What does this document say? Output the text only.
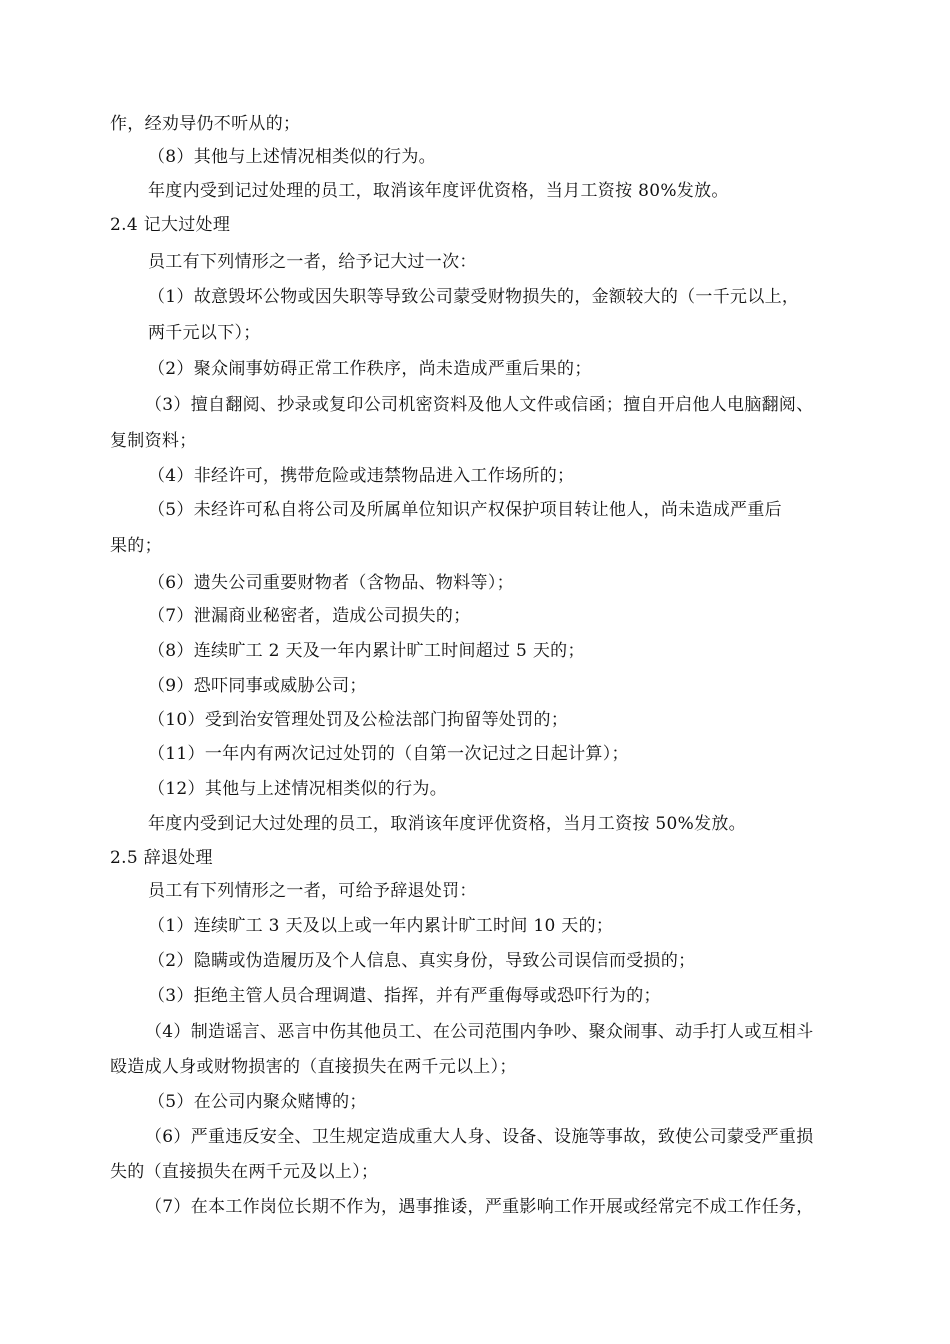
作，经劝导仍不听从的；
（8）其他与上述情况相类似的行为。
年度内受到记过处理的员工，取消该年度评优资格，当月工资按 80%发放。
2.4 记大过处理
员工有下列情形之一者，给予记大过一次：
（1）故意毁坏公物或因失职等导致公司蒙受财物损失的，金额较大的（一千元以上，
两千元以下）；
（2）聚众闹事妨碍正常工作秩序，尚未造成严重后果的；
（3）擅自翻阅、抄录或复印公司机密资料及他人文件或信函；擅自开启他人电脑翻阅、
复制资料；
（4）非经许可，携带危险或违禁物品进入工作场所的；
（5）未经许可私自将公司及所属单位知识产权保护项目转让他人，尚未造成严重后
果的；
（6）遗失公司重要财物者（含物品、物料等）；
（7）泄漏商业秘密者，造成公司损失的；
（8）连续旷工 2 天及一年内累计旷工时间超过 5 天的；
（9）恐吓同事或威胁公司；
（10）受到治安管理处罚及公检法部门拘留等处罚的；
（11）一年内有两次记过处罚的（自第一次记过之日起计算）；
（12）其他与上述情况相类似的行为。
年度内受到记大过处理的员工，取消该年度评优资格，当月工资按 50%发放。
2.5 辞退处理
员工有下列情形之一者，可给予辞退处罚：
（1）连续旷工 3 天及以上或一年内累计旷工时间 10 天的；
（2）隐瞒或伪造履历及个人信息、真实身份，导致公司误信而受损的；
（3）拒绝主管人员合理调遣、指挥，并有严重侮辱或恐吓行为的；
（4）制造谣言、恶言中伤其他员工、在公司范围内争吵、聚众闹事、动手打人或互相斗
殴造成人身或财物损害的（直接损失在两千元以上）；
（5）在公司内聚众赌博的；
（6）严重违反安全、卫生规定造成重大人身、设备、设施等事故，致使公司蒙受严重损
失的（直接损失在两千元及以上）；
（7）在本工作岗位长期不作为，遇事推诿，严重影响工作开展或经常完不成工作任务，
